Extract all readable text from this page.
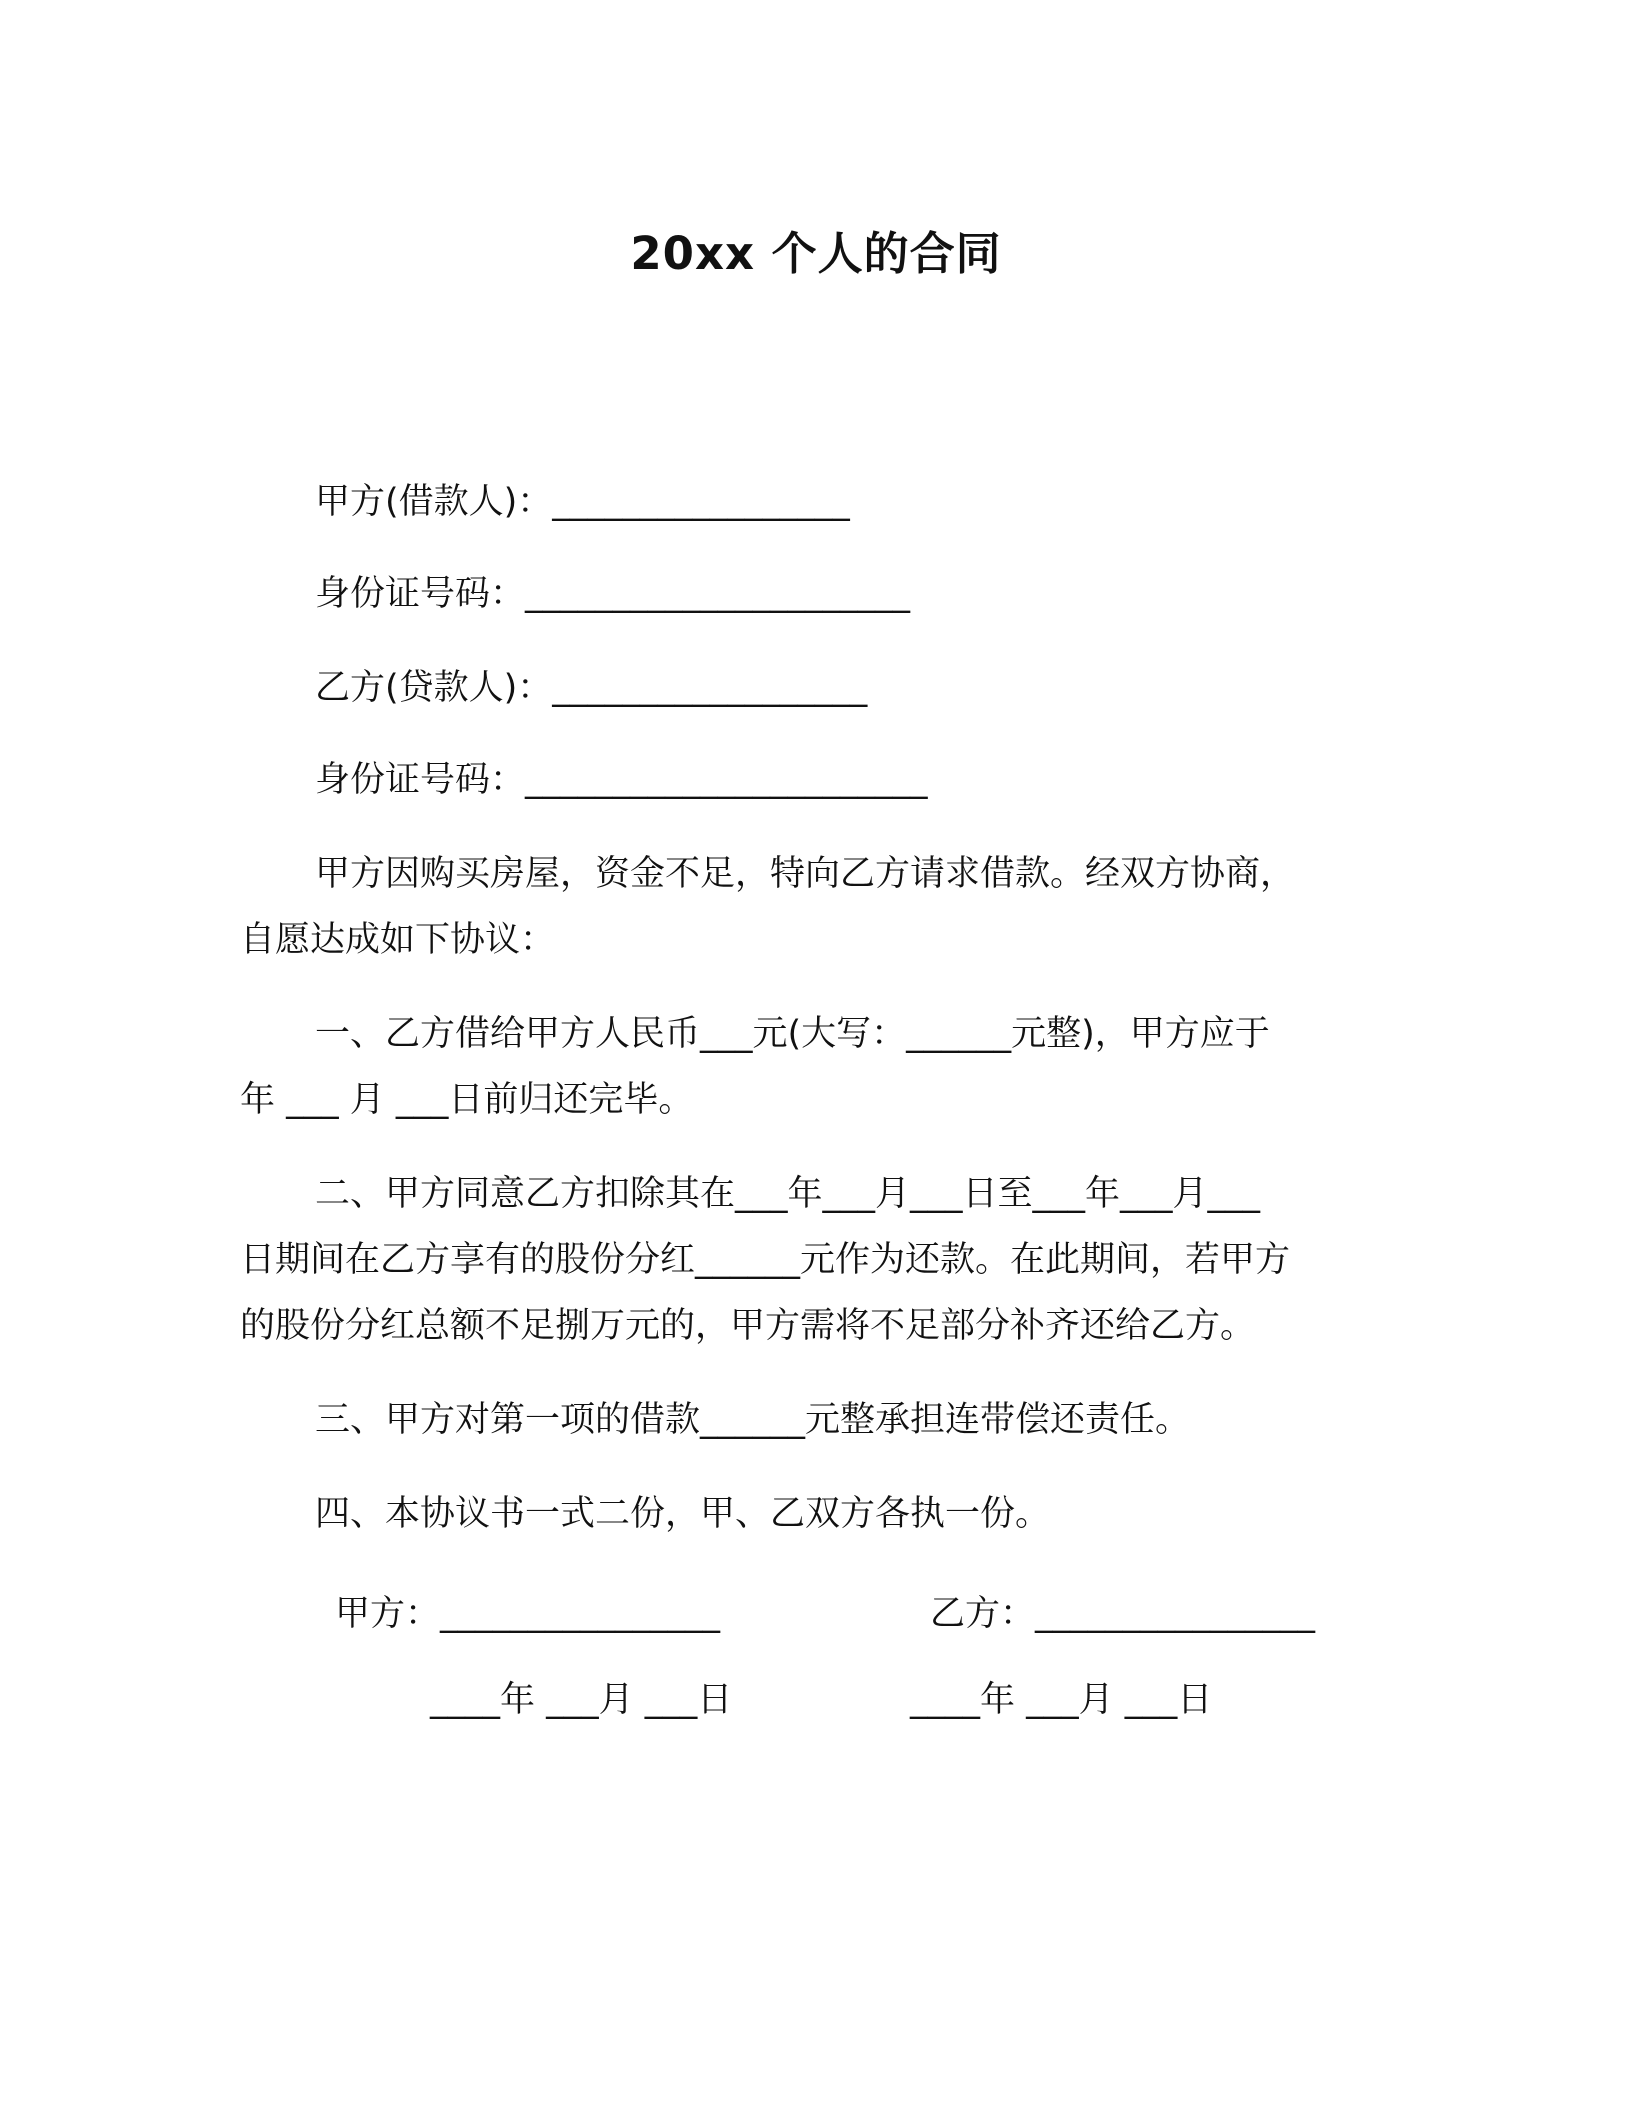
20xx 个人的合同
甲方(借款人)：_________________
身份证号码：______________________
乙方(贷款人)：__________________
身份证号码：_______________________
甲方因购买房屋，资金不足，特向乙方请求借款。经双方协商，
自愿达成如下协议：
一、乙方借给甲方人民币___元(大写：______元整)，甲方应于
年 ___ 月 ___日前归还完毕。
二、甲方同意乙方扣除其在___年___月___日至___年___月___
日期间在乙方享有的股份分红______元作为还款。在此期间，若甲方
的股份分红总额不足捌万元的，甲方需将不足部分补齐还给乙方。
三、甲方对第一项的借款______元整承担连带偿还责任。
四、本协议书一式二份，甲、乙双方各执一份。
甲方：________________	乙方：________________
____年 ___月 ___日	____年 ___月 ___日
